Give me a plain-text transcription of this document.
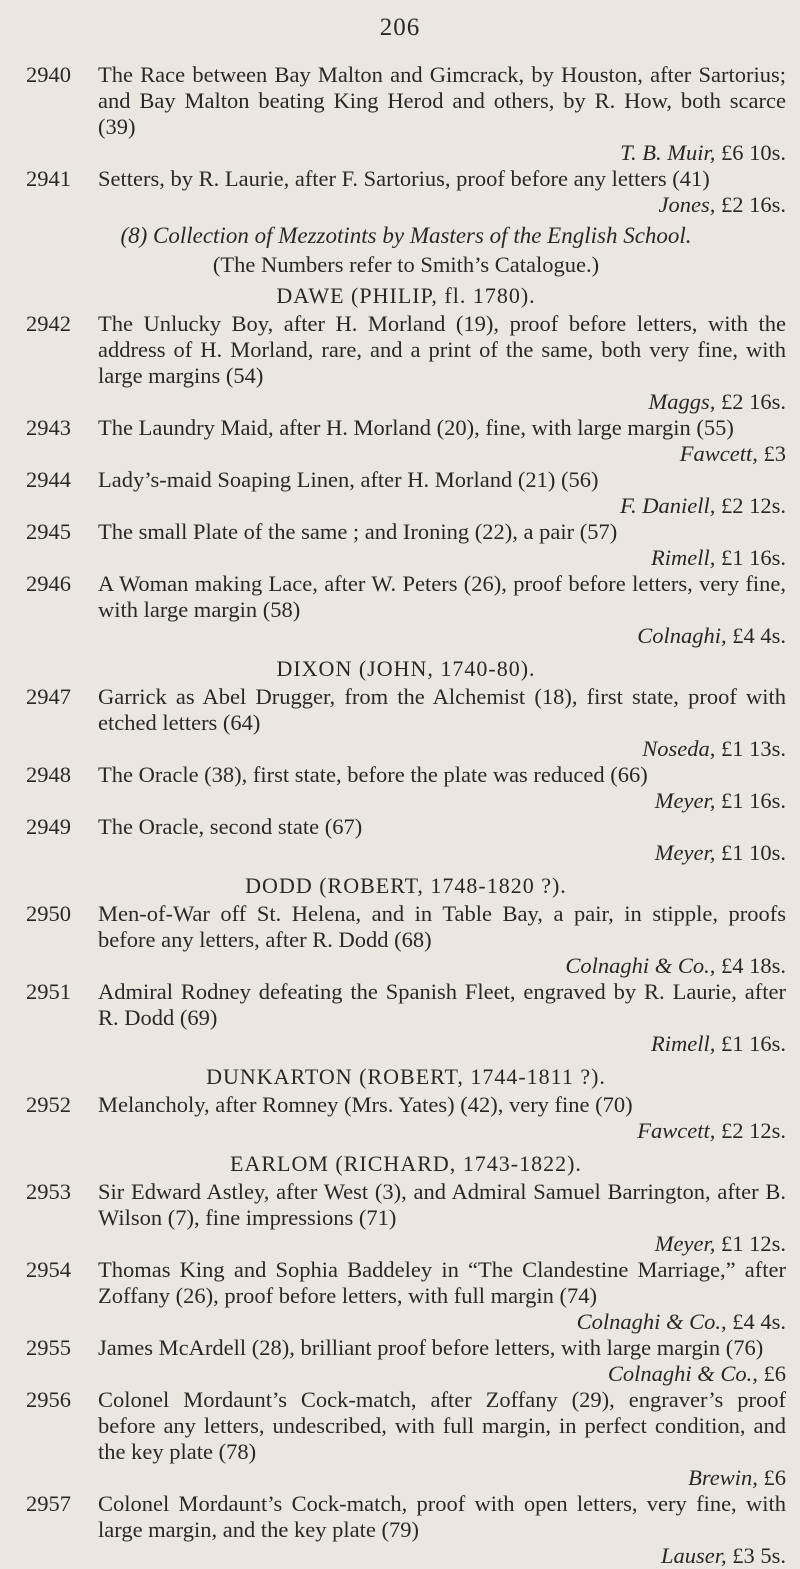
206
2940	The Race between Bay Malton and Gimcrack, by Houston, after Sartorius; and Bay Malton beating King Herod and others, by R. How, both scarce (39)
T. B. Muir, £6 10s.
2941	Setters, by R. Laurie, after F. Sartorius, proof before any letters (41)
Jones, £2 16s.
(8) Collection of Mezzotints by Masters of the English School.
(The Numbers refer to Smith’s Catalogue.)
DAWE (PHILIP, fl. 1780).
2942	The Unlucky Boy, after H. Morland (19), proof before letters, with the address of H. Morland, rare, and a print of the same, both very fine, with large margins (54)
Maggs, £2 16s.
2943	The Laundry Maid, after H. Morland (20), fine, with large margin (55)
Fawcett, £3
2944	Lady’s-maid Soaping Linen, after H. Morland (21) (56)
F. Daniell, £2 12s.
2945	The small Plate of the same ; and Ironing (22), a pair (57)
Rimell, £1 16s.
2946	A Woman making Lace, after W. Peters (26), proof before letters, very fine, with large margin (58)
Colnaghi, £4 4s.
DIXON (JOHN, 1740-80).
2947	Garrick as Abel Drugger, from the Alchemist (18), first state, proof with etched letters (64)
Noseda, £1 13s.
2948	The Oracle (38), first state, before the plate was reduced (66)
Meyer, £1 16s.
2949	The Oracle, second state (67)
Meyer, £1 10s.
DODD (ROBERT, 1748-1820 ?).
2950	Men-of-War off St. Helena, and in Table Bay, a pair, in stipple, proofs before any letters, after R. Dodd (68)
Colnaghi & Co., £4 18s.
2951	Admiral Rodney defeating the Spanish Fleet, engraved by R. Laurie, after R. Dodd (69)
Rimell, £1 16s.
DUNKARTON (ROBERT, 1744-1811 ?).
2952	Melancholy, after Romney (Mrs. Yates) (42), very fine (70)
Fawcett, £2 12s.
EARLOM (RICHARD, 1743-1822).
2953	Sir Edward Astley, after West (3), and Admiral Samuel Barrington, after B. Wilson (7), fine impressions (71)
Meyer, £1 12s.
2954	Thomas King and Sophia Baddeley in “The Clandestine Marriage,” after Zoffany (26), proof before letters, with full margin (74)
Colnaghi & Co., £4 4s.
2955	James McArdell (28), brilliant proof before letters, with large margin (76)
Colnaghi & Co., £6
2956	Colonel Mordaunt’s Cock-match, after Zoffany (29), engraver’s proof before any letters, undescribed, with full margin, in perfect condition, and the key plate (78)
Brewin, £6
2957	Colonel Mordaunt’s Cock-match, proof with open letters, very fine, with large margin, and the key plate (79)
Lauser, £3 5s.
